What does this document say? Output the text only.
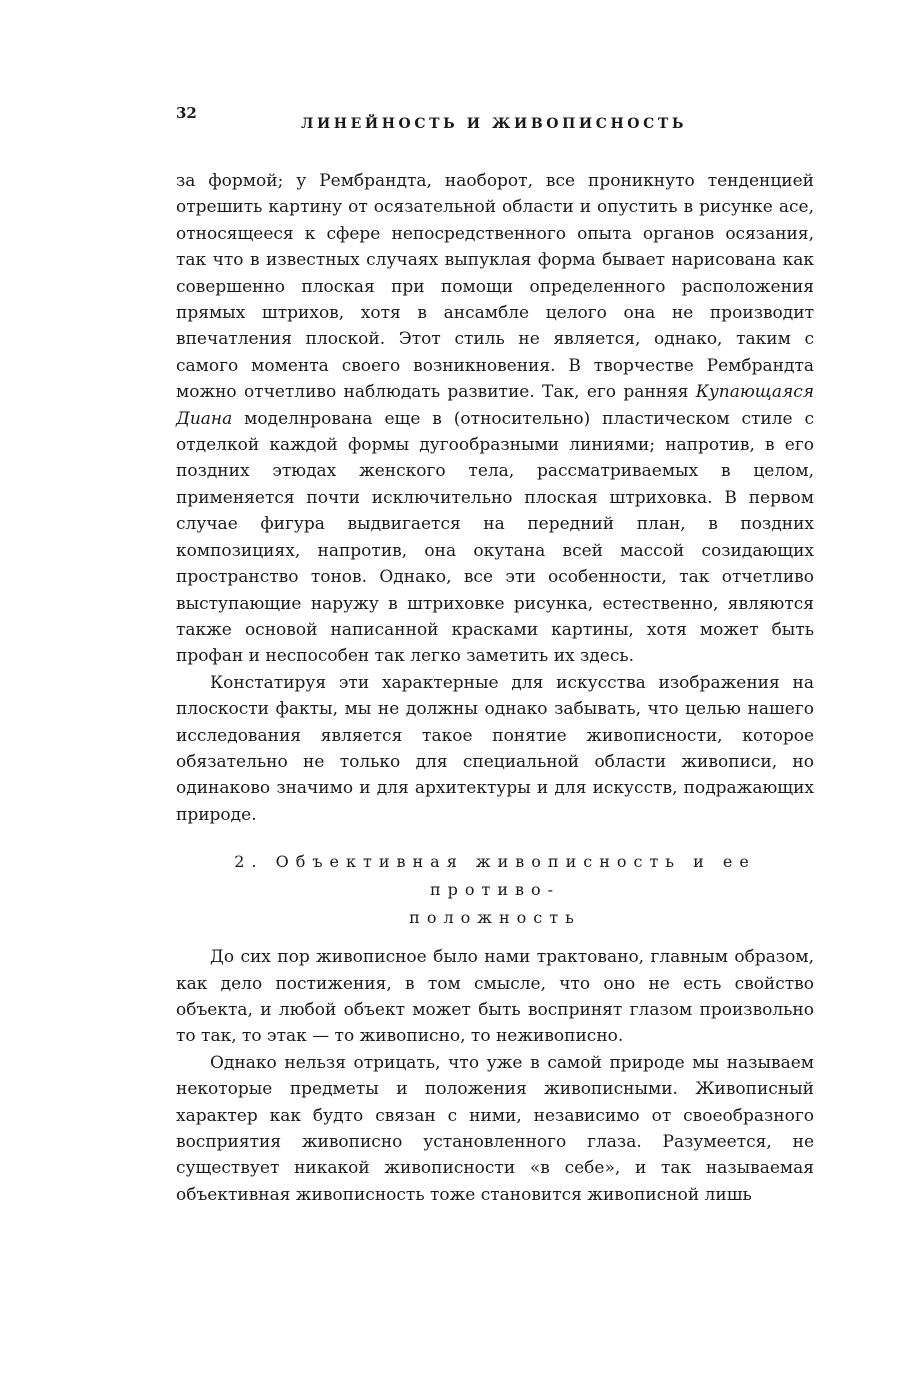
32
ЛИНЕЙНОСТЬ И ЖИВОПИСНОСТЬ

за формой; у Рембрандта, наоборот, все проникнуто тенденцией отрешить картину от осязательной области и опустить в рисунке асе, относящееся к сфере непосредственного опыта органов осязания, так что в известных случаях выпуклая форма бывает нарисована как совершенно плоская при помощи определенного расположения прямых штрихов, хотя в ансамбле целого она не производит впечатления плоской. Этот стиль не является, однако, таким с самого момента своего возникновения. В творчестве Рембрандта можно отчетливо наблюдать развитие. Так, его ранняя Купающаяся Диана моделнрована еще в (относительно) пластическом стиле с отделкой каждой формы дугообразными линиями; напротив, в его поздних этюдах женского тела, рассматриваемых в целом, применяется почти исключительно плоская штриховка. В первом случае фигура выдвигается на передний план, в поздних композициях, напротив, она окутана всей массой созидающих пространство тонов. Однако, все эти особенности, так отчетливо выступающие наружу в штриховке рисунка, естественно, являются также основой написанной красками картины, хотя может быть профан и неспособен так легко заметить их здесь.

Констатируя эти характерные для искусства изображения на плоскости факты, мы не должны однако забывать, что целью нашего исследования является такое понятие живописности, которое обязательно не только для специальной области живописи, но одинаково значимо и для архитектуры и для искусств, подражающих природе.

2. Объективная живописность и ее противо-
положность

До сих пор живописное было нами трактовано, главным образом, как дело постижения, в том смысле, что оно не есть свойство объекта, и любой объект может быть воспринят глазом произвольно то так, то этак — то живописно, то неживописно.

Однако нельзя отрицать, что уже в самой природе мы называем некоторые предметы и положения живописными. Живописный характер как будто связан с ними, независимо от своеобразного восприятия живописно установленного глаза. Разумеется, не существует никакой живописности «в себе», и так называемая объективная живописность тоже становится живописной лишь
